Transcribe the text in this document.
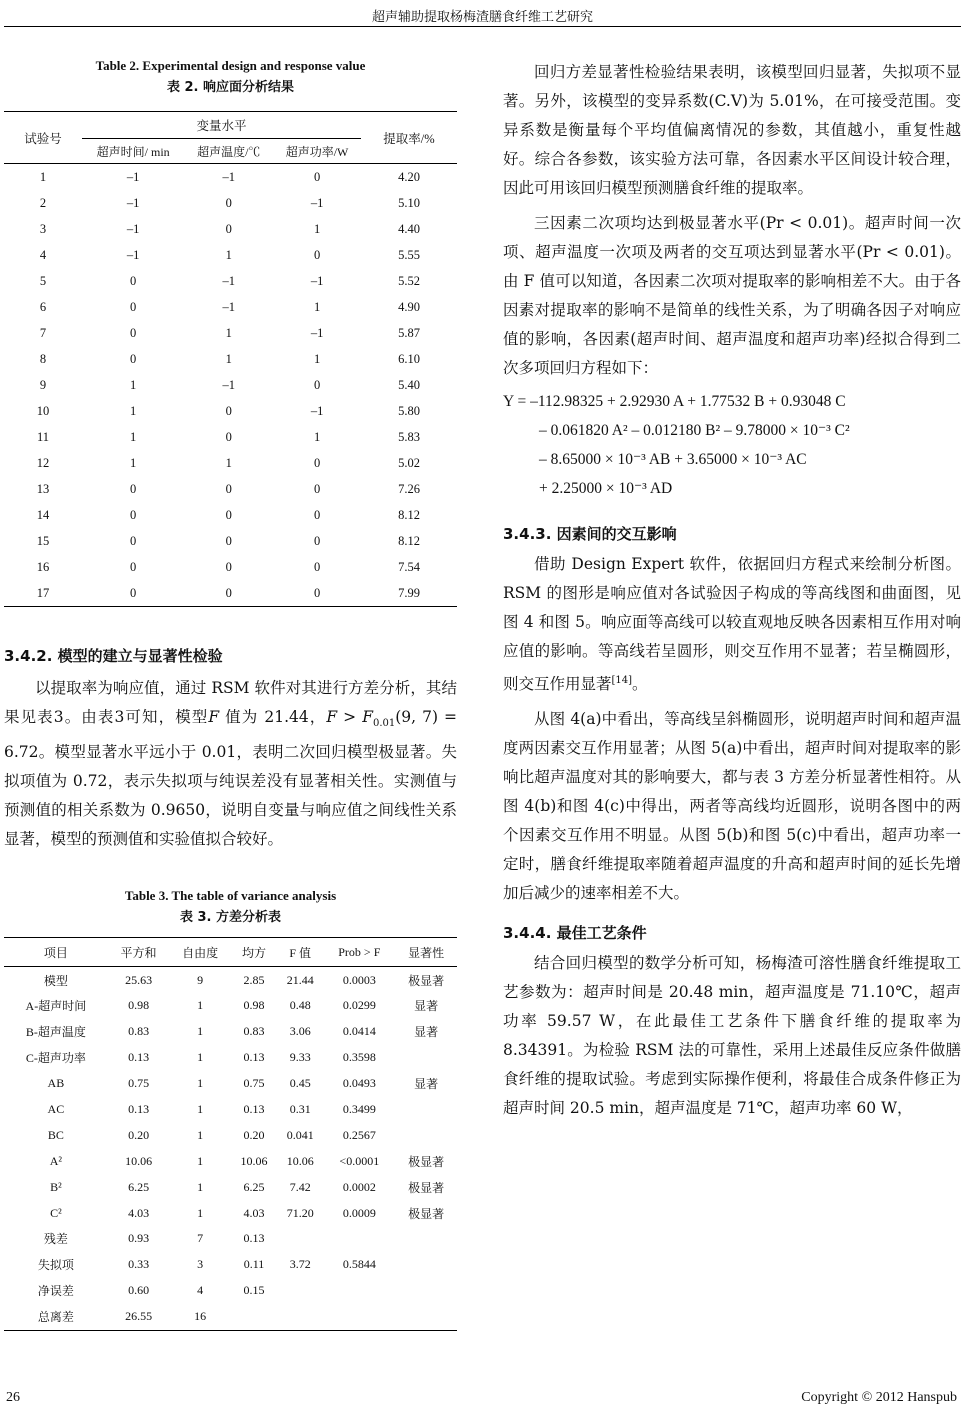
超声辅助提取杨梅渣膳食纤维工艺研究
Table 2. Experimental design and response value
表 2. 响应面分析结果
试验号	变量水平			提取率/%
	超声时间/ min	超声温度/℃	超声功率/W	
1	–1	–1	0	4.20
2	–1	0	–1	5.10
3	–1	0	1	4.40
4	–1	1	0	5.55
5	0	–1	–1	5.52
6	0	–1	1	4.90
7	0	1	–1	5.87
8	0	1	1	6.10
9	1	–1	0	5.40
10	1	0	–1	5.80
11	1	0	1	5.83
12	1	1	0	5.02
13	0	0	0	7.26
14	0	0	0	8.12
15	0	0	0	8.12
16	0	0	0	7.54
17	0	0	0	7.99
3.4.2. 模型的建立与显著性检验

以提取率为响应值，通过 RSM 软件对其进行方差分析，其结果见表3。由表3可知，模型F 值为 21.44，$F > F_{0.01}(9$, 7) = 6.72。模型显著水平远小于 0.01，表明二次回归模型极显著。失拟项值为 0.72，表示失拟项与纯误差没有显著相关性。实测值与预测值的相关系数为 0.9650，说明自变量与响应值之间线性关系显著，模型的预测值和实验值拟合较好。

Table 3. The table of variance analysis
表 3. 方差分析表
项目	平方和	自由度	均方	F 值	Prob > F	显著性
模型	25.63	9	2.85	21.44	0.0003	极显著
A-超声时间	0.98	1	0.98	0.48	0.0299	显著
B-超声温度	0.83	1	0.83	3.06	0.0414	显著
C-超声功率	0.13	1	0.13	9.33	0.3598	
AB	0.75	1	0.75	0.45	0.0493	显著
AC	0.13	1	0.13	0.31	0.3499	
BC	0.20	1	0.20	0.041	0.2567	
A²	10.06	1	10.06	10.06	<0.0001	极显著
B²	6.25	1	6.25	7.42	0.0002	极显著
C²	4.03	1	4.03	71.20	0.0009	极显著
残差	0.93	7	0.13			
失拟项	0.33	3	0.11	3.72	0.5844	
净误差	0.60	4	0.15			
总离差	26.55	16				

回归方差显著性检验结果表明，该模型回归显著，失拟项不显著。另外，该模型的变异系数(C.V)为 5.01%，在可接受范围。变异系数是衡量每个平均值偏离情况的参数，其值越小，重复性越好。综合各参数，该实验方法可靠，各因素水平区间设计较合理，因此可用该回归模型预测膳食纤维的提取率。

三因素二次项均达到极显著水平(Pr < 0.01)。超声时间一次项、超声温度一次项及两者的交互项达到显著水平(Pr < 0.01)。由 F 值可以知道，各因素二次项对提取率的影响相差不大。由于各因素对提取率的影响不是简单的线性关系，为了明确各因子对响应值的影响，各因素(超声时间、超声温度和超声功率)经拟合得到二次多项回归方程如下：

Y = –112.98325 + 2.92930 A + 1.77532 B + 0.93048 C
– 0.061820 A² – 0.012180 B² – 9.78000 × 10⁻³ C²
– 8.65000 × 10⁻³ AB + 3.65000 × 10⁻³ AC
+ 2.25000 × 10⁻³ AD
3.4.3. 因素间的交互影响

借助 Design Expert 软件，依据回归方程式来绘制分析图。RSM 的图形是响应值对各试验因子构成的等高线图和曲面图，见图 4 和图 5。响应面等高线可以较直观地反映各因素相互作用对响应值的影响。等高线若呈圆形，则交互作用不显著；若呈椭圆形，则交互作用显著[14]。

从图 4(a)中看出，等高线呈斜椭圆形，说明超声时间和超声温度两因素交互作用显著；从图 5(a)中看出，超声时间对提取率的影响比超声温度对其的影响要大，都与表 3 方差分析显著性相符。从图 4(b)和图 4(c)中得出，两者等高线均近圆形，说明各图中的两个因素交互作用不明显。从图 5(b)和图 5(c)中看出，超声功率一定时，膳食纤维提取率随着超声温度的升高和超声时间的延长先增加后减少的速率相差不大。

3.4.4. 最佳工艺条件

结合回归模型的数学分析可知，杨梅渣可溶性膳食纤维提取工艺参数为：超声时间是 20.48 min，超声温度是 71.10℃，超声功率 59.57 W，在此最佳工艺条件下膳食纤维的提取率为 8.34391。为检验 RSM 法的可靠性，采用上述最佳反应条件做膳食纤维的提取试验。考虑到实际操作便利，将最佳合成条件修正为超声时间 20.5 min，超声温度是 71℃，超声功率 60 W，

26	Copyright © 2012 Hanspub
